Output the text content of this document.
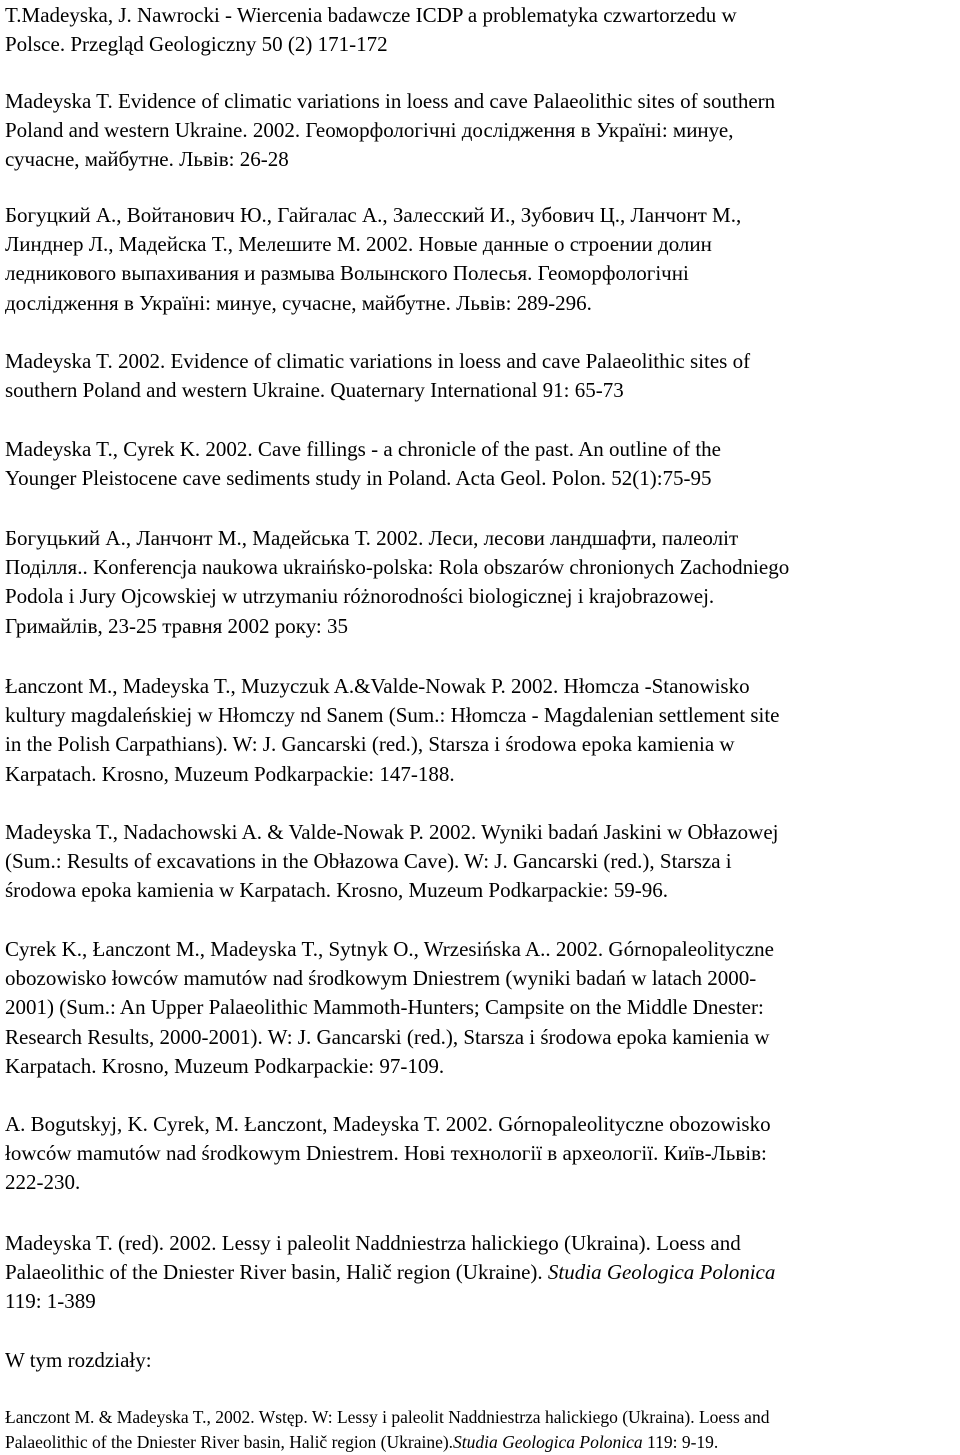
T.Madeyska, J. Nawrocki - Wiercenia badawcze ICDP a problematyka czwartorzedu w
Polsce. Przegląd Geologiczny 50 (2) 171-172
Madeyska T. Evidence of climatic variations in loess and cave Palaeolithic sites of southern
Poland and western Ukraine. 2002. Геоморфологічні дослідження в Україні: минуе,
сучасне, майбутне. Львів: 26-28
Богуцкий А., Войтанович Ю., Гайгалас А., Залесский И., Зубович Ц., Ланчонт М.,
Линднер Л., Мадейска Т., Мелешите М. 2002. Новые данные о строении долин
ледникового выпахивания и размыва Волынского Полесья. Геоморфологічні
дослідження в Україні: минуе, сучасне, майбутне. Львів: 289-296.
Madeyska T. 2002. Evidence of climatic variations in loess and cave Palaeolithic sites of
southern Poland and western Ukraine. Quaternary International 91: 65-73
Madeyska T., Cyrek K. 2002. Cave fillings - a chronicle of the past. An outline of the
Younger Pleistocene cave sediments study in Poland. Acta Geol. Polon. 52(1):75-95
Богуцький А., Ланчонт М., Мадейська Т. 2002. Леси, лесови ландшафти, палеоліт
Поділля.. Konferencja naukowa ukraińsko-polska: Rola obszarów chronionych Zachodniego
Podola i Jury Ojcowskiej w utrzymaniu różnorodności biologicznej i krajobrazowej.
Гримайлів, 23-25 травня 2002 року: 35
Łanczont M., Madeyska T., Muzyczuk A.&Valde-Nowak P. 2002. Hłomcza -Stanowisko
kultury magdaleńskiej w Hłomczy nd Sanem (Sum.: Hłomcza - Magdalenian settlement site
in the Polish Carpathians). W: J. Gancarski (red.), Starsza i środowa epoka kamienia w
Karpatach. Krosno, Muzeum Podkarpackie: 147-188.
Madeyska T., Nadachowski A. & Valde-Nowak P. 2002. Wyniki badań Jaskini w Obłazowej
(Sum.: Results of excavations in the Obłazowa Cave). W: J. Gancarski (red.), Starsza i
środowa epoka kamienia w Karpatach. Krosno, Muzeum Podkarpackie: 59-96.
Cyrek K., Łanczont M., Madeyska T., Sytnyk O., Wrzesińska A.. 2002. Górnopaleolityczne
obozowisko łowców mamutów nad środkowym Dniestrem (wyniki badań w latach 2000-
2001) (Sum.: An Upper Palaeolithic Mammoth-Hunters; Campsite on the Middle Dnester:
Research Results, 2000-2001). W: J. Gancarski (red.), Starsza i środowa epoka kamienia w
Karpatach. Krosno, Muzeum Podkarpackie: 97-109.
A. Bogutskyj, K. Cyrek, M. Łanczont, Madeyska T. 2002. Górnopaleolityczne obozowisko
łowców mamutów nad środkowym Dniestrem. Нові технології в археології. Київ-Львів:
222-230.
Madeyska T. (red). 2002. Lessy i paleolit Naddniestrza halickiego (Ukraina). Loess and
Palaeolithic of the Dniester River basin, Halič region (Ukraine). Studia Geologica Polonica
119: 1-389
W tym rozdziały:
Łanczont M. & Madeyska T., 2002. Wstęp. W: Lessy i paleolit Naddniestrza halickiego (Ukraina). Loess and
Palaeolithic of the Dniester River basin, Halič region (Ukraine).Studia Geologica Polonica 119: 9-19.
